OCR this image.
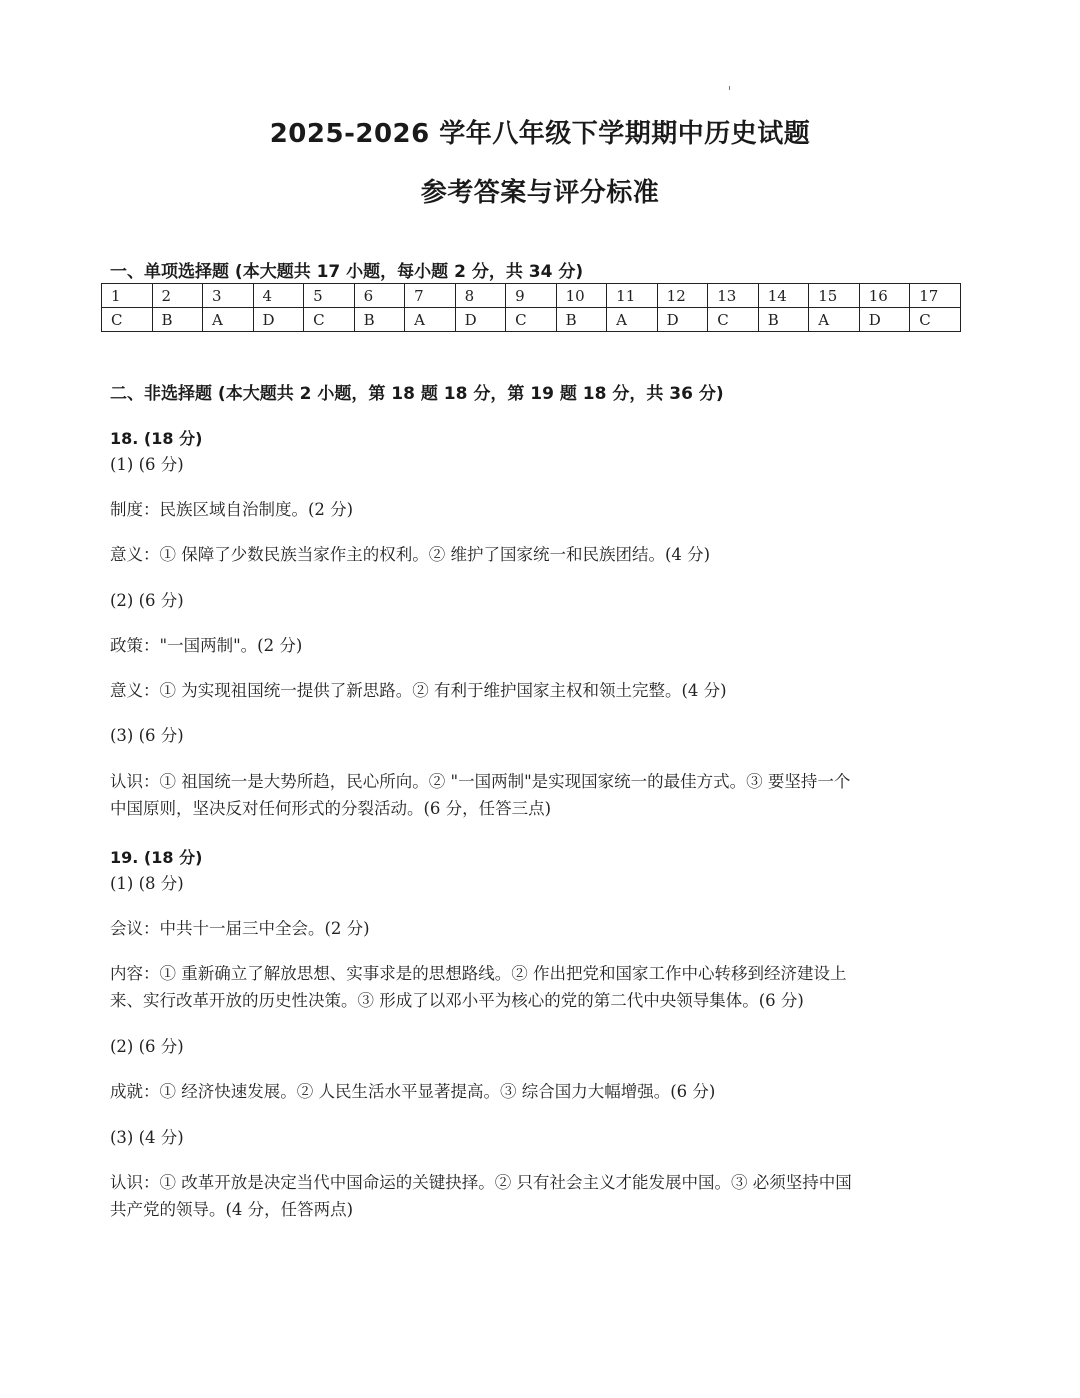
2025-2026 学年八年级下学期期中历史试题
参考答案与评分标准
一、单项选择题 (本大题共 17 小题，每小题 2 分，共 34 分)
1	2	3	4	5	6	7	8	9	10	11	12	13	14	15	16	17
C	B	A	D	C	B	A	D	C	B	A	D	C	B	A	D	C
二、非选择题 (本大题共 2 小题，第 18 题 18 分，第 19 题 18 分，共 36 分)
18. (18 分)
(1) (6 分)
制度：民族区域自治制度。(2 分)
意义：① 保障了少数民族当家作主的权利。② 维护了国家统一和民族团结。(4 分)
(2) (6 分)
政策："一国两制"。(2 分)
意义：① 为实现祖国统一提供了新思路。② 有利于维护国家主权和领土完整。(4 分)
(3) (6 分)
认识：① 祖国统一是大势所趋，民心所向。② "一国两制"是实现国家统一的最佳方式。③ 要坚持一个
中国原则，坚决反对任何形式的分裂活动。(6 分，任答三点)
19. (18 分)
(1) (8 分)
会议：中共十一届三中全会。(2 分)
内容：① 重新确立了解放思想、实事求是的思想路线。② 作出把党和国家工作中心转移到经济建设上
来、实行改革开放的历史性决策。③ 形成了以邓小平为核心的党的第二代中央领导集体。(6 分)
(2) (6 分)
成就：① 经济快速发展。② 人民生活水平显著提高。③ 综合国力大幅增强。(6 分)
(3) (4 分)
认识：① 改革开放是决定当代中国命运的关键抉择。② 只有社会主义才能发展中国。③ 必须坚持中国
共产党的领导。(4 分，任答两点)
